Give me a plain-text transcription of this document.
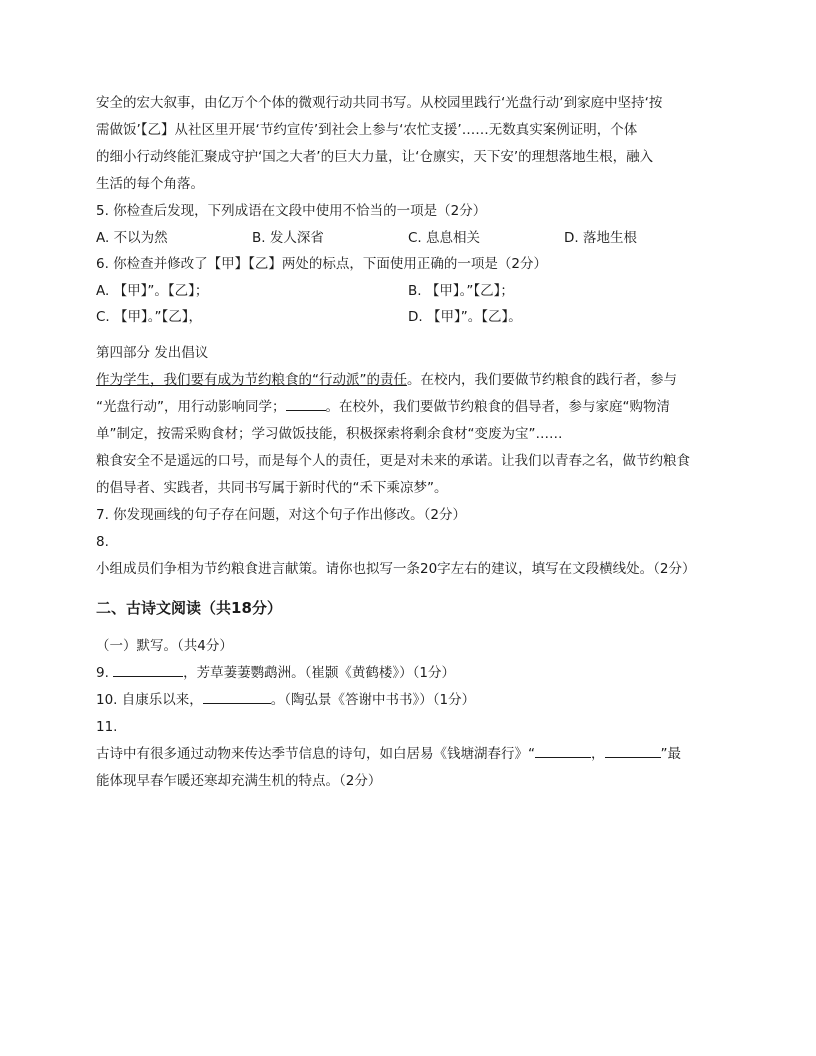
安全的宏大叙事，由亿万个个体的微观行动共同书写。从校园里践行‘光盘行动’到家庭中坚持‘按

需做饭’【乙】从社区里开展‘节约宣传’到社会上参与‘农忙支援’……无数真实案例证明，个体

的细小行动终能汇聚成守护‘国之大者’的巨大力量，让‘仓廪实，天下安’的理想落地生根，融入

生活的每个角落。

5. 你检查后发现，下列成语在文段中使用不恰当的一项是（2分）

A. 不以为然	B. 发人深省	C. 息息相关	D. 落地生根

6. 你检查并修改了【甲】【乙】两处的标点，下面使用正确的一项是（2分）

A. 【甲】”。【乙】；	B. 【甲】。”【乙】；
C. 【甲】。”【乙】，	D. 【甲】”。【乙】。

第四部分 发出倡议

作为学生，我们要有成为节约粮食的“行动派”的责任。在校内，我们要做节约粮食的践行者，参与

“光盘行动”，用行动影响同学；	。在校外，我们要做节约粮食的倡导者，参与家庭“购物清

单”制定，按需采购食材；学习做饭技能，积极探索将剩余食材“变废为宝”……

粮食安全不是遥远的口号，而是每个人的责任，更是对未来的承诺。让我们以青春之名，做节约粮食

的倡导者、实践者，共同书写属于新时代的“禾下乘凉梦”。

7. 你发现画线的句子存在问题，对这个句子作出修改。（2分）

8.

小组成员们争相为节约粮食进言献策。请你也拟写一条20字左右的建议，填写在文段横线处。（2分）

二、古诗文阅读（共18分）

（一）默写。（共4分）

9.	，芳草萋萋鹦鹉洲。（崔颢《黄鹤楼》）（1分）

10. 自康乐以来，	。（陶弘景《答谢中书书》）（1分）

11.

古诗中有很多通过动物来传达季节信息的诗句，如白居易《钱塘湖春行》“	，	”最

能体现早春乍暖还寒却充满生机的特点。（2分）
